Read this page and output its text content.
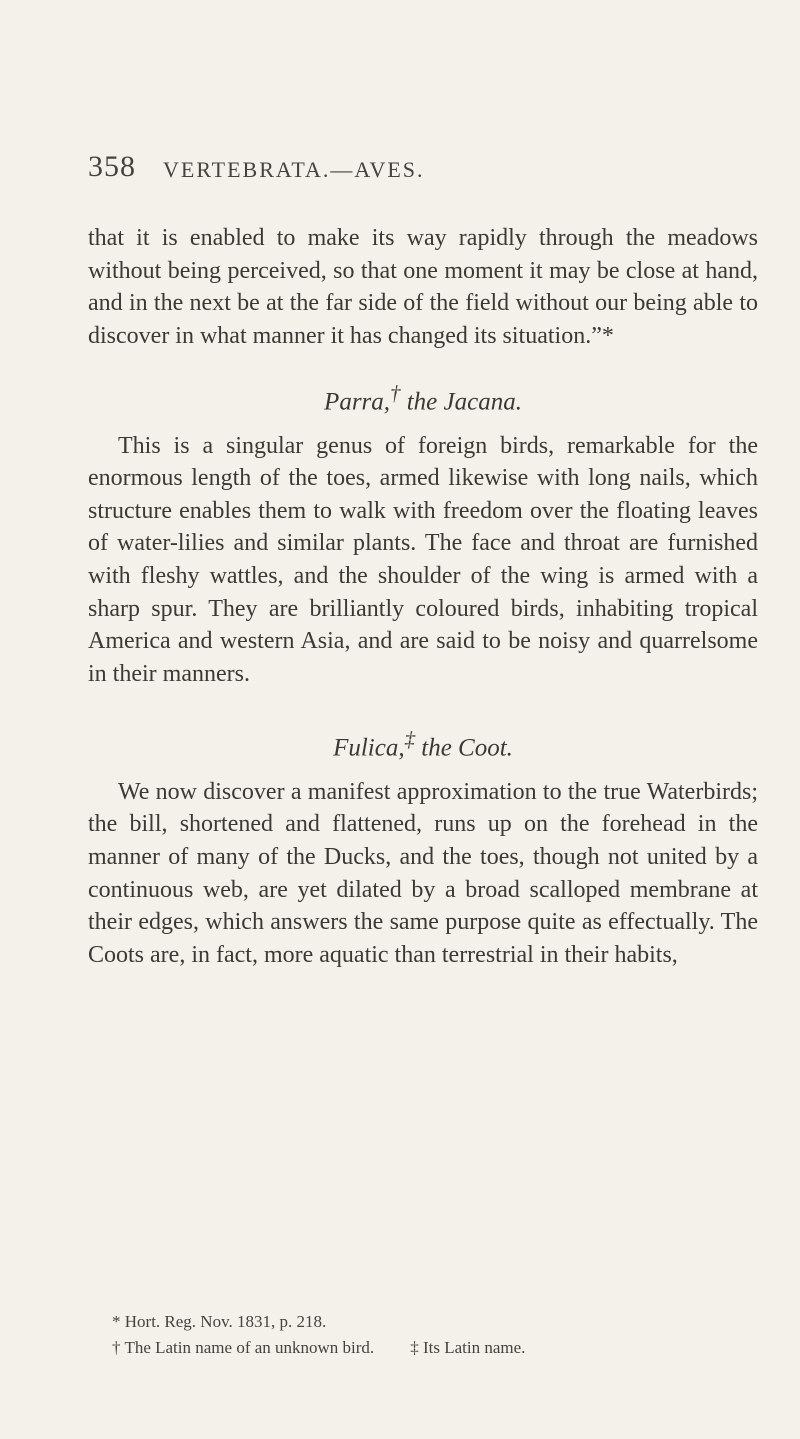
358 VERTEBRATA.—AVES.

that it is enabled to make its way rapidly through the meadows without being perceived, so that one moment it may be close at hand, and in the next be at the far side of the field without our being able to discover in what manner it has changed its situation.”*

Parra,† the Jacana.

This is a singular genus of foreign birds, remarkable for the enormous length of the toes, armed likewise with long nails, which structure enables them to walk with freedom over the floating leaves of water-lilies and similar plants. The face and throat are furnished with fleshy wattles, and the shoulder of the wing is armed with a sharp spur. They are brilliantly coloured birds, inhabiting tropical America and western Asia, and are said to be noisy and quarrelsome in their manners.

Fulica,‡ the Coot.

We now discover a manifest approximation to the true Waterbirds; the bill, shortened and flattened, runs up on the forehead in the manner of many of the Ducks, and the toes, though not united by a continuous web, are yet dilated by a broad scalloped membrane at their edges, which answers the same purpose quite as effectually. The Coots are, in fact, more aquatic than terrestrial in their habits,

* Hort. Reg. Nov. 1831, p. 218.
† The Latin name of an unknown bird. ‡ Its Latin name.
